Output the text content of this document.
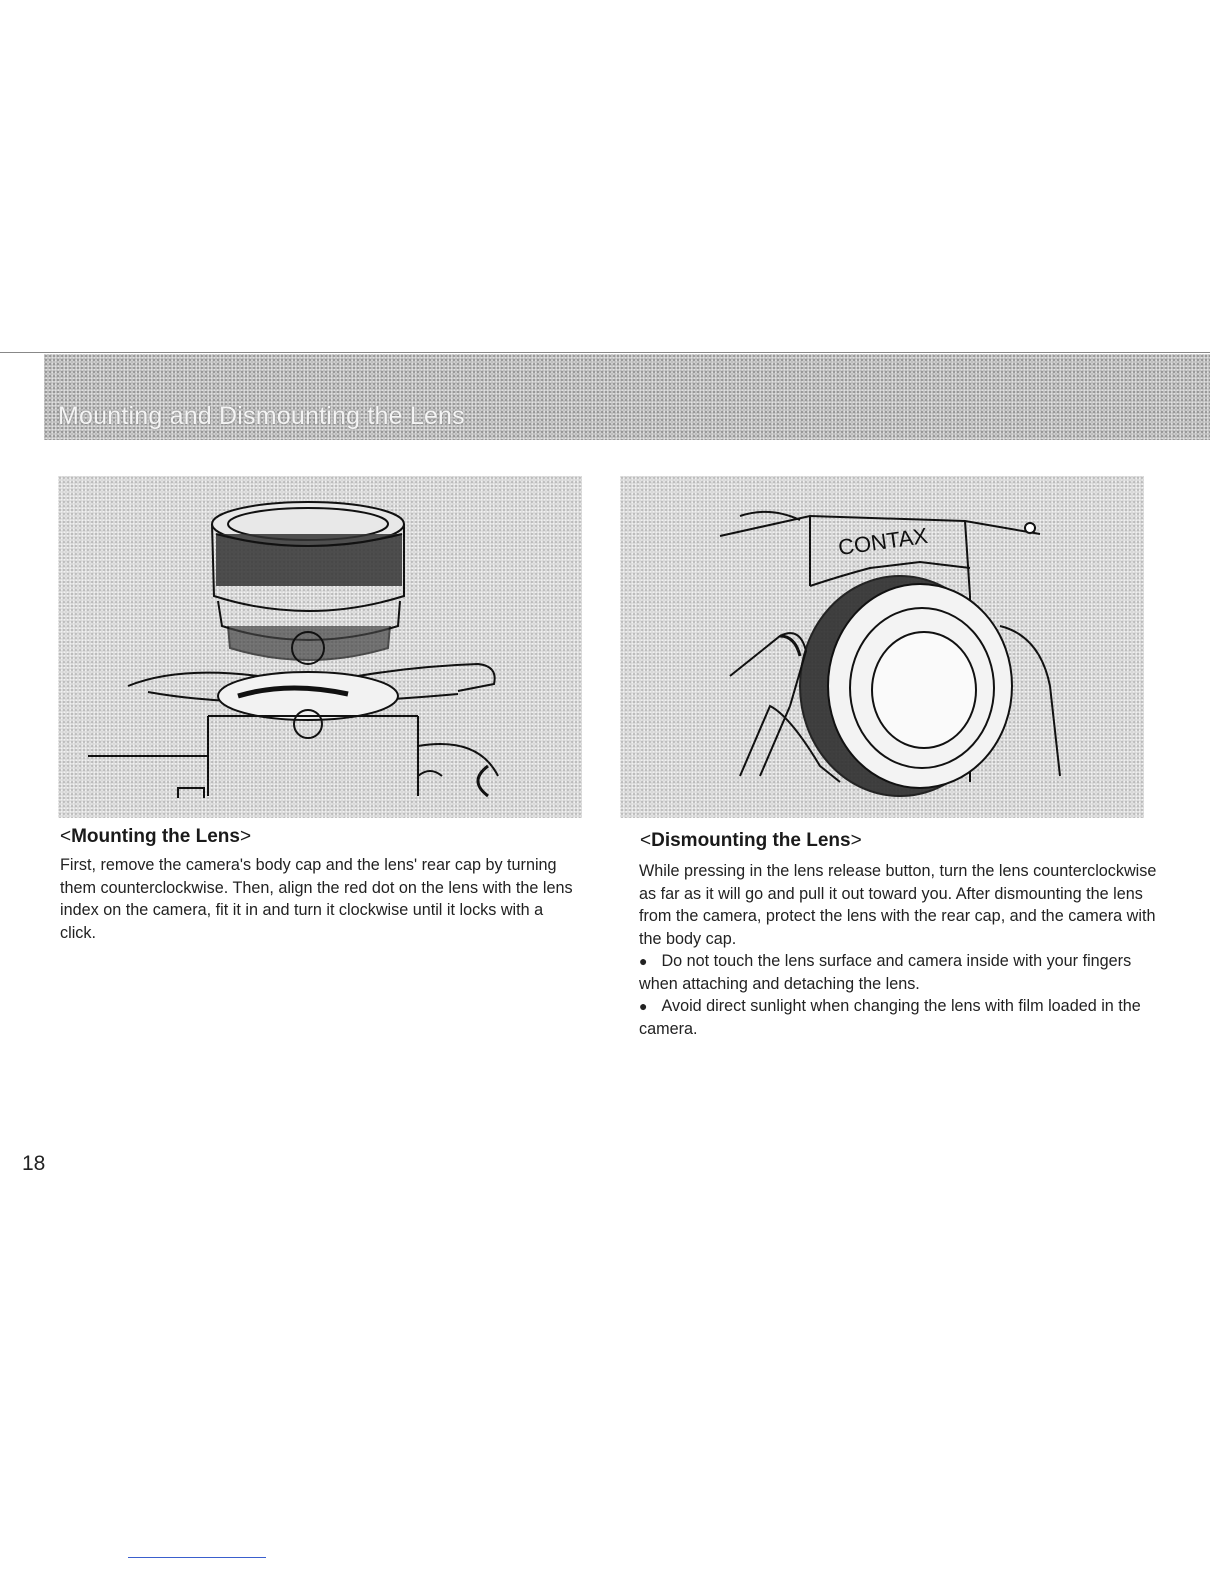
Mounting and Dismounting the Lens
CONTAX
<Mounting the Lens>

First, remove the camera's body cap and the lens' rear cap by turning them counterclockwise. Then, align the red dot on the lens with the lens index on the camera, fit it in and turn it clockwise until it locks with a click.

<Dismounting the Lens>

While pressing in the lens release button, turn the lens counterclockwise as far as it will go and pull it out toward you. After dismounting the lens from the camera, protect the lens with the rear cap, and the camera with the body cap.

● Do not touch the lens surface and camera inside with your fingers when attaching and detaching the lens.

● Avoid direct sunlight when changing the lens with film loaded in the camera.

18
